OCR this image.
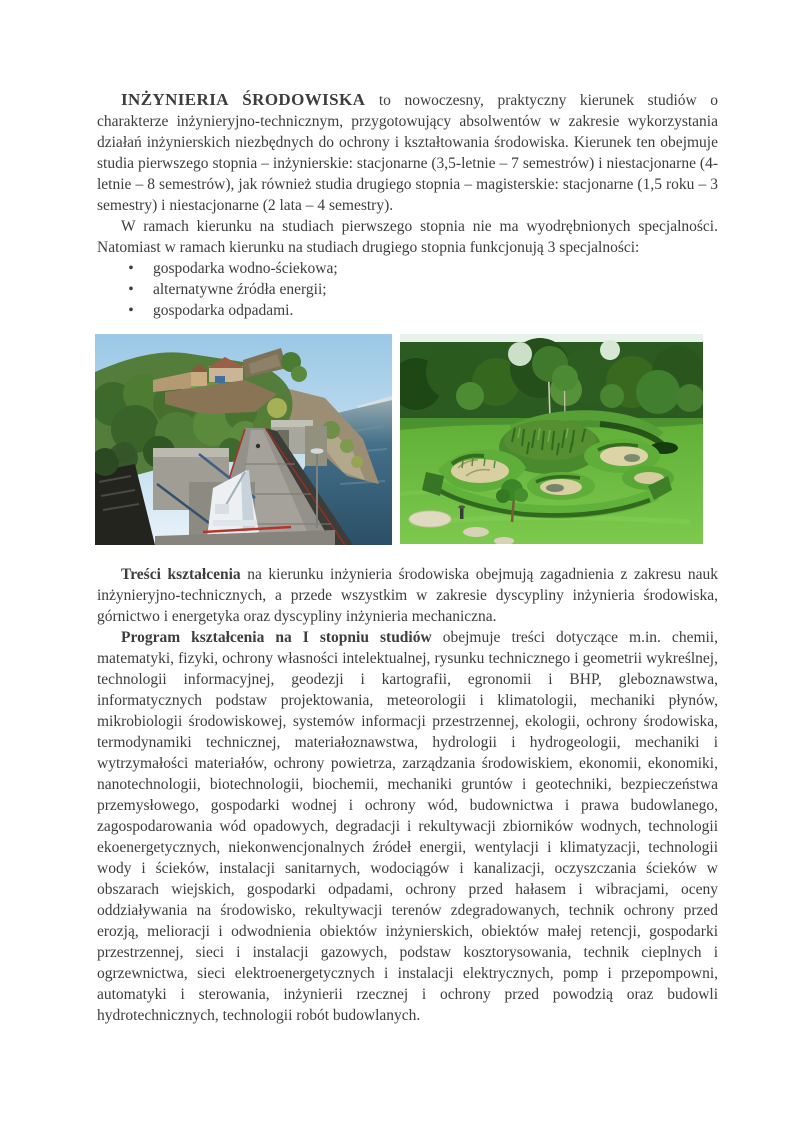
INŻYNIERIA ŚRODOWISKA to nowoczesny, praktyczny kierunek studiów o charakterze inżynieryjno-technicznym, przygotowujący absolwentów w zakresie wykorzystania działań inżynierskich niezbędnych do ochrony i kształtowania środowiska. Kierunek ten obejmuje studia pierwszego stopnia – inżynierskie: stacjonarne (3,5-letnie – 7 semestrów) i niestacjonarne (4-letnie – 8 semestrów), jak również studia drugiego stopnia – magisterskie: stacjonarne (1,5 roku – 3 semestry) i niestacjonarne (2 lata – 4 semestry).

W ramach kierunku na studiach pierwszego stopnia nie ma wyodrębnionych specjalności. Natomiast w ramach kierunku na studiach drugiego stopnia funkcjonują 3 specjalności:

• gospodarka wodno-ściekowa;
• alternatywne źródła energii;
• gospodarka odpadami.

Treści kształcenia na kierunku inżynieria środowiska obejmują zagadnienia z zakresu nauk inżynieryjno-technicznych, a przede wszystkim w zakresie dyscypliny inżynieria środowiska, górnictwo i energetyka oraz dyscypliny inżynieria mechaniczna.

Program kształcenia na I stopniu studiów obejmuje treści dotyczące m.in. chemii, matematyki, fizyki, ochrony własności intelektualnej, rysunku technicznego i geometrii wykreślnej, technologii informacyjnej, geodezji i kartografii, egronomii i BHP, gleboznawstwa, informatycznych podstaw projektowania, meteorologii i klimatologii, mechaniki płynów, mikrobiologii środowiskowej, systemów informacji przestrzennej, ekologii, ochrony środowiska, termodynamiki technicznej, materiałoznawstwa, hydrologii i hydrogeologii, mechaniki i wytrzymałości materiałów, ochrony powietrza, zarządzania środowiskiem, ekonomii, ekonomiki, nanotechnologii, biotechnologii, biochemii, mechaniki gruntów i geotechniki, bezpieczeństwa przemysłowego, gospodarki wodnej i ochrony wód, budownictwa i prawa budowlanego, zagospodarowania wód opadowych, degradacji i rekultywacji zbiorników wodnych, technologii ekoenergetycznych, niekonwencjonalnych źródeł energii, wentylacji i klimatyzacji, technologii wody i ścieków, instalacji sanitarnych, wodociągów i kanalizacji, oczyszczania ścieków w obszarach wiejskich, gospodarki odpadami, ochrony przed hałasem i wibracjami, oceny oddziaływania na środowisko, rekultywacji terenów zdegradowanych, technik ochrony przed erozją, melioracji i odwodnienia obiektów inżynierskich, obiektów małej retencji, gospodarki przestrzennej, sieci i instalacji gazowych, podstaw kosztorysowania, technik cieplnych i ogrzewnictwa, sieci elektroenergetycznych i instalacji elektrycznych, pomp i przepompowni, automatyki i sterowania, inżynierii rzecznej i ochrony przed powodzią oraz budowli hydrotechnicznych, technologii robót budowlanych.
